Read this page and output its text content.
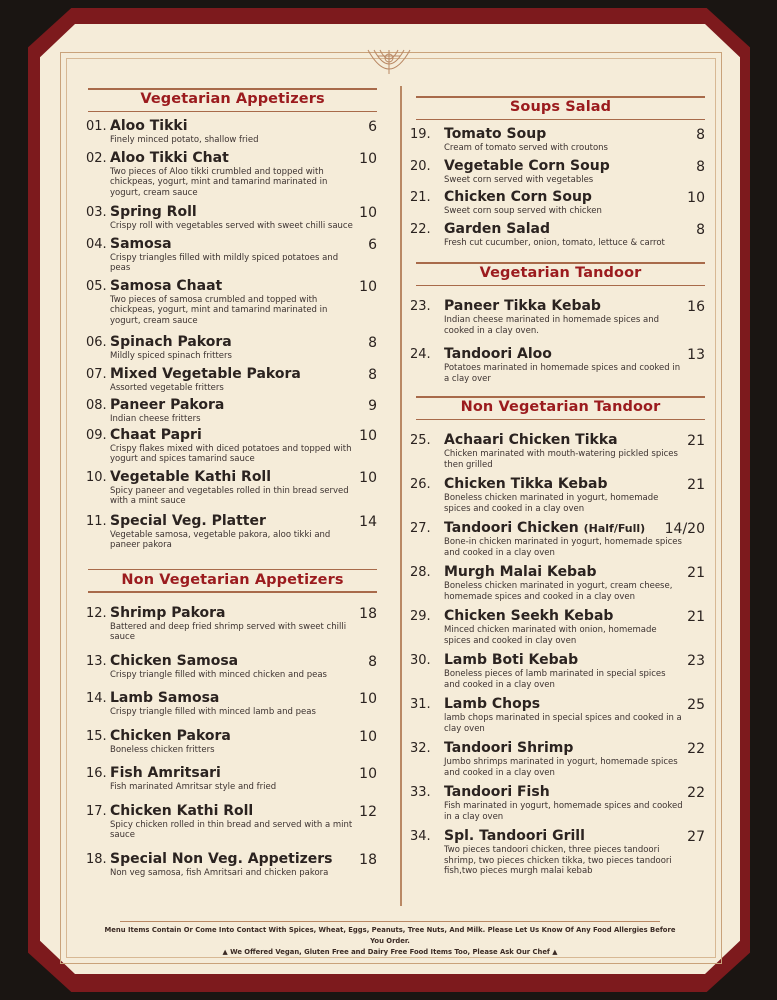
Vegetarian Appetizers
01. Aloo Tikki	6
Finely minced potato, shallow fried
02. Aloo Tikki Chat	10
Two pieces of Aloo tikki crumbled and topped with chickpeas, yogurt, mint and tamarind marinated in yogurt, cream sauce
03. Spring Roll	10
Crispy roll with vegetables served with sweet chilli sauce
04. Samosa	6
Crispy triangles filled with mildly spiced potatoes and peas
05. Samosa Chaat	10
Two pieces of samosa crumbled and topped with chickpeas, yogurt, mint and tamarind marinated in yogurt, cream sauce
06. Spinach Pakora	8
Mildly spiced spinach fritters
07. Mixed Vegetable Pakora	8
Assorted vegetable fritters
08. Paneer Pakora	9
Indian cheese fritters
09. Chaat Papri	10
Crispy flakes mixed with diced potatoes and topped with yogurt and spices tamarind sauce
10. Vegetable Kathi Roll	10
Spicy paneer and vegetables rolled in thin bread served with a mint sauce
11. Special Veg. Platter	14
Vegetable samosa, vegetable pakora, aloo tikki and paneer pakora
Non Vegetarian Appetizers
12. Shrimp Pakora	18
Battered and deep fried shrimp served with sweet chilli sauce
13. Chicken Samosa	8
Crispy triangle filled with minced chicken and peas
14. Lamb Samosa	10
Crispy triangle filled with minced lamb and peas
15. Chicken Pakora	10
Boneless chicken fritters
16. Fish Amritsari	10
Fish marinated Amritsar style and fried
17. Chicken Kathi Roll	12
Spicy chicken rolled in thin bread and served with a mint sauce
18. Special Non Veg. Appetizers	18
Non veg samosa, fish Amritsari and chicken pakora
Soups Salad
19. Tomato Soup	8
Cream of tomato served with croutons
20. Vegetable Corn Soup	8
Sweet corn served with vegetables
21. Chicken Corn Soup	10
Sweet corn soup served with chicken
22. Garden Salad	8
Fresh cut cucumber, onion, tomato, lettuce & carrot
Vegetarian Tandoor
23. Paneer Tikka Kebab	16
Indian cheese marinated in homemade spices and cooked in a clay oven.
24. Tandoori Aloo	13
Potatoes marinated in homemade spices and cooked in a clay over
Non Vegetarian Tandoor
25. Achaari Chicken Tikka	21
Chicken marinated with mouth-watering pickled spices then grilled
26. Chicken Tikka Kebab	21
Boneless chicken marinated in yogurt, homemade spices and cooked in a clay oven
27. Tandoori Chicken (Half/Full)	14/20
Bone-in chicken marinated in yogurt, homemade spices and cooked in a clay oven
28. Murgh Malai Kebab	21
Boneless chicken marinated in yogurt, cream cheese, homemade spices and cooked in a clay oven
29. Chicken Seekh Kebab	21
Minced chicken marinated with onion, homemade spices and cooked in clay oven
30. Lamb Boti Kebab	23
Boneless pieces of lamb marinated in special spices and cooked in a clay oven
31. Lamb Chops	25
lamb chops marinated in special spices and cooked in a clay oven
32. Tandoori Shrimp	22
Jumbo shrimps marinated in yogurt, homemade spices and cooked in a clay oven
33. Tandoori Fish	22
Fish marinated in yogurt, homemade spices and cooked in a clay oven
34. Spl. Tandoori Grill	27
Two pieces tandoori chicken, three pieces tandoori shrimp, two pieces chicken tikka, two pieces tandoori fish,two pieces murgh malai kebab
Menu Items Contain Or Come Into Contact With Spices, Wheat, Eggs, Peanuts, Tree Nuts, And Milk. Please Let Us Know Of Any Food Allergies Before You Order.
▲ We Offered Vegan, Gluten Free and Dairy Free Food Items Too, Please Ask Our Chef ▲
